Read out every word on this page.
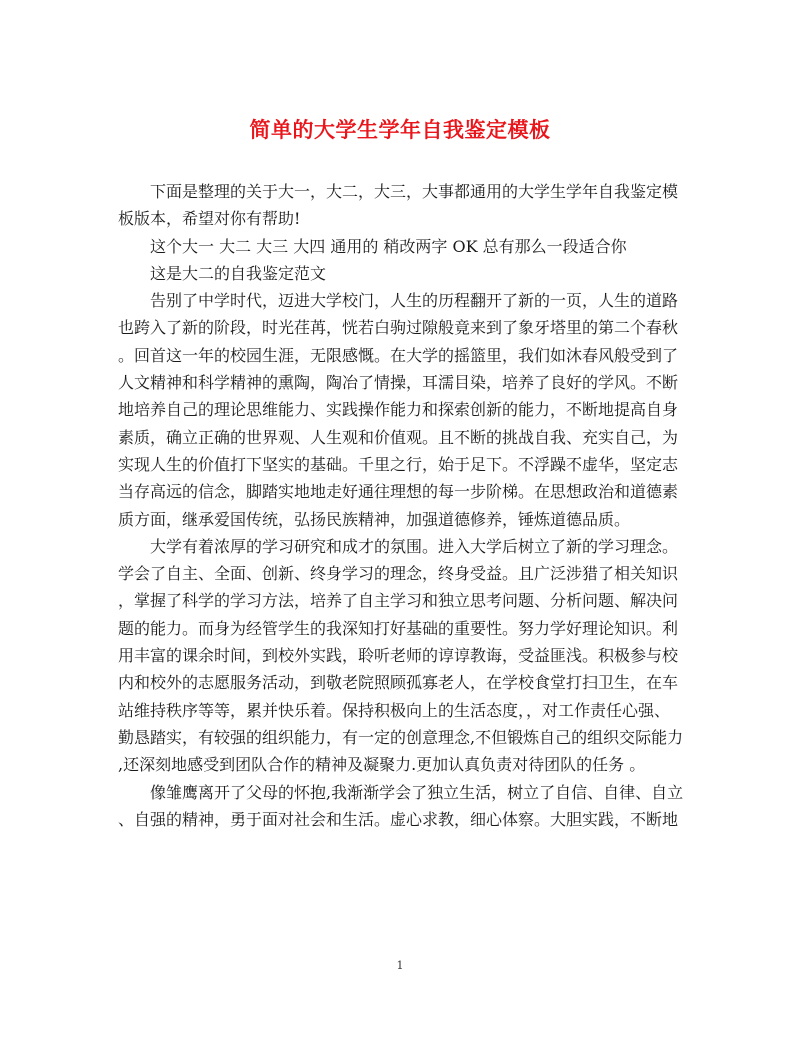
简单的大学生学年自我鉴定模板
下面是整理的关于大一，大二，大三，大事都通用的大学生学年自我鉴定模
板版本，希望对你有帮助!
这个大一 大二 大三 大四 通用的 稍改两字 OK 总有那么一段适合你
这是大二的自我鉴定范文
告别了中学时代，迈进大学校门，人生的历程翻开了新的一页，人生的道路
也跨入了新的阶段，时光荏苒，恍若白驹过隙般竟来到了象牙塔里的第二个春秋
。回首这一年的校园生涯，无限感慨。在大学的摇篮里，我们如沐春风般受到了
人文精神和科学精神的熏陶，陶冶了情操，耳濡目染，培养了良好的学风。不断
地培养自己的理论思维能力、实践操作能力和探索创新的能力，不断地提高自身
素质，确立正确的世界观、人生观和价值观。且不断的挑战自我、充实自己，为
实现人生的价值打下坚实的基础。千里之行，始于足下。不浮躁不虚华，坚定志
当存高远的信念，脚踏实地地走好通往理想的每一步阶梯。在思想政治和道德素
质方面，继承爱国传统，弘扬民族精神，加强道德修养，锤炼道德品质。
大学有着浓厚的学习研究和成才的氛围。进入大学后树立了新的学习理念。
学会了自主、全面、创新、终身学习的理念，终身受益。且广泛涉猎了相关知识
，掌握了科学的学习方法，培养了自主学习和独立思考问题、分析问题、解决问
题的能力。而身为经管学生的我深知打好基础的重要性。努力学好理论知识。利
用丰富的课余时间，到校外实践，聆听老师的谆谆教诲，受益匪浅。积极参与校
内和校外的志愿服务活动，到敬老院照顾孤寡老人，在学校食堂打扫卫生，在车
站维持秩序等等，累并快乐着。保持积极向上的生活态度，，对工作责任心强、
勤恳踏实，有较强的组织能力，有一定的创意理念,不但锻炼自己的组织交际能力
,还深刻地感受到团队合作的精神及凝聚力.更加认真负责对待团队的任务 。
像雏鹰离开了父母的怀抱,我渐渐学会了独立生活，树立了自信、自律、自立
、自强的精神，勇于面对社会和生活。虚心求教，细心体察。大胆实践，不断地
1
